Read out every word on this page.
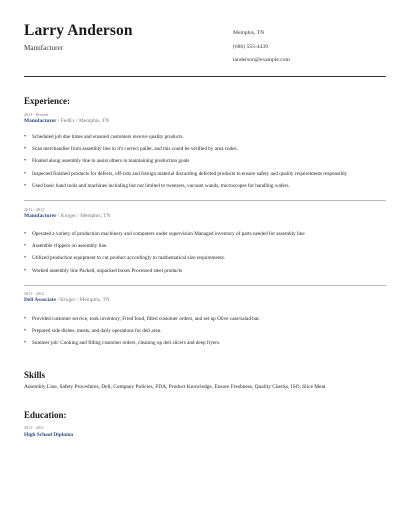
Larry Anderson
Manufacturer
Memphis, TN
(680) 555-4439
landerson@example.com
Experience:
2013 - Present
Manufacturer / FedEx / Memphis, TN
• Scheduled job due times and ensured customers receive quality products.
• Scan merchandise from assembly line to it's correct pallet, and this could be verified by area codes.
• Floated along assembly line to assist others in maintaining production goals
• Inspected finished products for defects, off-cuts and foreign material discarding defected products to ensure safety and quality requirements responsibly
• Used basic hand tools and machines including but not limited to tweezers, vacuum wands, microscopes for handling wafers.
2012 - 2013
Manufacturer / Kroger / Memphis, TN
• Operated a variety of production machinery and computers under supervision Managed inventory of parts needed for assembly line
• Assemble clippers on assembly line.
• Utilized production equipment to cut product accordingly to mathematical size requirements.
• Worked assembly line Packed, unpacked boxes Processed steel products
2011 - 2012
Deli Associate / Kroger / Memphis, TN
• Provided customer service, took inventory, Fried food, filled customer orders, and set up Olive case/salad bar.
• Prepared side dishes, meats, and daily operations for deli area.
• Summer job: Cooking and filling customer orders, cleaning up deli slicers and deep fryers.
Skills
Assembly Line, Safety Procedures, Deli, Company Policies, FDA, Product Knowledge, Ensure Freshness, Quality Checks, ISO, Slice Meat
Education:
2011 - 2011
High School Diploma
